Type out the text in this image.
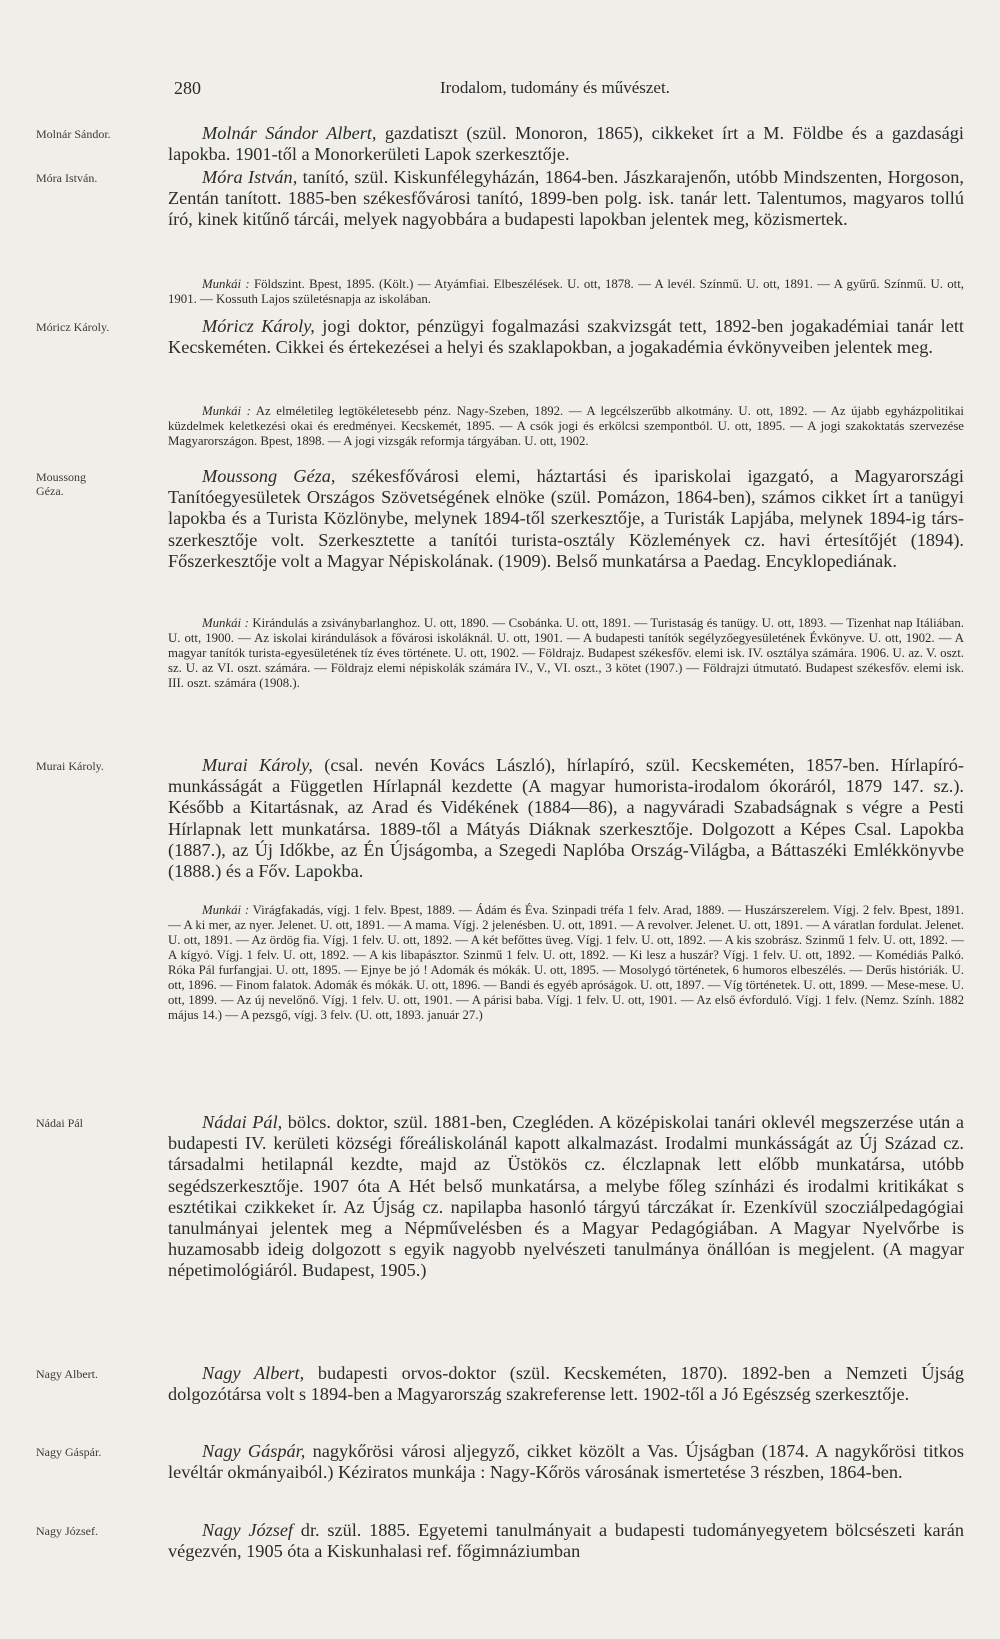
280	Irodalom, tudomány és művészet.
Molnár Sándor.	Molnár Sándor Albert, gazdatiszt (szül. Monoron, 1865), cikkeket írt a M. Földbe és a gazdasági lapokba. 1901-től a Monorkerületi Lapok szerkesztője.
Móra István.	Móra István, tanító, szül. Kiskunfélegyházán, 1864-ben. Jászkarajenőn, utóbb Mindszenten, Horgoson, Zentán tanított. 1885-ben székesfővárosi tanító, 1899-ben polg. isk. tanár lett. Talentumos, magyaros tollú író, kinek kitűnő tárcái, melyek nagyobbára a budapesti lapokban jelentek meg, közismertek.
Munkái : Földszint. Bpest, 1895. (Költ.) — Atyámfiai. Elbeszélések. U. ott, 1878. — A levél. Színmű. U. ott, 1891. — A gyűrű. Színmű. U. ott, 1901. — Kossuth Lajos születésnapja az iskolában.
Móricz Károly.	Móricz Károly, jogi doktor, pénzügyi fogalmazási szakvizsgát tett, 1892-ben jogakadémiai tanár lett Kecskeméten. Cikkei és értekezései a helyi és szaklapokban, a jogakadémia évkönyveiben jelentek meg.
Munkái : Az elméletileg legtökéletesebb pénz. Nagy-Szeben, 1892. — A legcélszerűbb alkotmány. U. ott, 1892. — Az újabb egyházpolitikai küzdelmek keletkezési okai és eredményei. Kecskemét, 1895. — A csók jogi és erkölcsi szempontból. U. ott, 1895. — A jogi szakoktatás szervezése Magyarországon. Bpest, 1898. — A jogi vizsgák reformja tárgyában. U. ott, 1902.
Moussong Géza.
Moussong Géza, székesfővárosi elemi, háztartási és ipariskolai igazgató, a Magyarországi Tanítóegyesületek Országos Szövetségének elnöke (szül. Pomázon, 1864-ben), számos cikket írt a tanügyi lapokba és a Turista Közlönybe, melynek 1894-től szerkesztője, a Turisták Lapjába, melynek 1894-ig társ-szerkesztője volt. Szerkesztette a tanítói turista-osztály Közlemények cz. havi értesítőjét (1894). Főszerkesztője volt a Magyar Népiskolának. (1909). Belső munkatársa a Paedag. Encyklopediának.
Munkái : Kirándulás a zsiványbarlanghoz. U. ott, 1890. — Csobánka. U. ott, 1891. — Turistaság és tanügy. U. ott, 1893. — Tizenhat nap Itáliában. U. ott, 1900. — Az iskolai kirándulások a fővárosi iskoláknál. U. ott, 1901. — A budapesti tanítók segélyzőegyesületének Évkönyve. U. ott, 1902. — A magyar tanítók turista-egyesületének tíz éves története. U. ott, 1902. — Földrajz. Budapest székesfőv. elemi isk. IV. osztálya számára. 1906. U. az. V. oszt. sz. U. az VI. oszt. számára. — Földrajz elemi népiskolák számára IV., V., VI. oszt., 3 kötet (1907.) — Földrajzi útmutató. Budapest székesfőv. elemi isk. III. oszt. számára (1908.).
Murai Károly.	Murai Károly, (csal. nevén Kovács László), hírlapíró, szül. Kecskeméten, 1857-ben. Hírlapíró-munkásságát a Független Hírlapnál kezdette (A magyar humorista-irodalom ókoráról, 1879 147. sz.). Később a Kitartásnak, az Arad és Vidékének (1884—86), a nagyváradi Szabadságnak s végre a Pesti Hírlapnak lett munkatársa. 1889-től a Mátyás Diáknak szerkesztője. Dolgozott a Képes Csal. Lapokba (1887.), az Új Időkbe, az Én Újságomba, a Szegedi Naplóba Ország-Világba, a Báttaszéki Emlékkönyvbe (1888.) és a Főv. Lapokba.
Munkái : Virágfakadás, vígj. 1 felv. Bpest, 1889. — Ádám és Éva. Szinpadi tréfa 1 felv. Arad, 1889. — Huszárszerelem. Vígj. 2 felv. Bpest, 1891. — A ki mer, az nyer. Jelenet. U. ott, 1891. — A mama. Vígj. 2 jelenésben. U. ott, 1891. — A revolver. Jelenet. U. ott, 1891. — A váratlan fordulat. Jelenet. U. ott, 1891. — Az ördög fia. Vígj. 1 felv. U. ott, 1892. — A két befőttes üveg. Vígj. 1 felv. U. ott, 1892. — A kis szobrász. Szinmű 1 felv. U. ott, 1892. — A kígyó. Vígj. 1 felv. U. ott, 1892. — A kis libapásztor. Szinmű 1 felv. U. ott, 1892. — Ki lesz a huszár? Vígj. 1 felv. U. ott, 1892. — Komédiás Palkó. Róka Pál furfangjai. U. ott, 1895. — Ejnye be jó ! Adomák és mókák. U. ott, 1895. — Mosolygó történetek, 6 humoros elbeszélés. — Derűs históriák. U. ott, 1896. — Finom falatok. Adomák és mókák. U. ott, 1896. — Bandi és egyéb apróságok. U. ott, 1897. — Víg történetek. U. ott, 1899. — Mese-mese. U. ott, 1899. — Az új nevelőnő. Vígj. 1 felv. U. ott, 1901. — A párisi baba. Vígj. 1 felv. U. ott, 1901. — Az első évforduló. Vígj. 1 felv. (Nemz. Szính. 1882 május 14.) — A pezsgő, vígj. 3 felv. (U. ott, 1893. január 27.)
Nádai Pál	Nádai Pál, bölcs. doktor, szül. 1881-ben, Czegléden. A középiskolai tanári oklevél megszerzése után a budapesti IV. kerületi községi főreáliskolánál kapott alkalmazást. Irodalmi munkásságát az Új Század cz. társadalmi hetilapnál kezdte, majd az Üstökös cz. élczlapnak lett előbb munkatársa, utóbb segédszerkesztője. 1907 óta A Hét belső munkatársa, a melybe főleg színházi és irodalmi kritikákat s esztétikai czikkeket ír. Az Újság cz. napilapba hasonló tárgyú tárczákat ír. Ezenkívül szocziálpedagógiai tanulmányai jelentek meg a Népművelésben és a Magyar Pedagógiában. A Magyar Nyelvőrbe is huzamosabb ideig dolgozott s egyik nagyobb nyelvészeti tanulmánya önállóan is megjelent. (A magyar népetimológiáról. Budapest, 1905.)
Nagy Albert.	Nagy Albert, budapesti orvos-doktor (szül. Kecskeméten, 1870). 1892-ben a Nemzeti Újság dolgozótársa volt s 1894-ben a Magyarország szakreferense lett. 1902-től a Jó Egészség szerkesztője.
Nagy Gáspár.	Nagy Gáspár, nagykőrösi városi aljegyző, cikket közölt a Vas. Újságban (1874. A nagykőrösi titkos levéltár okmányaiból.) Kéziratos munkája : Nagy-Kőrös városának ismertetése 3 részben, 1864-ben.
Nagy József.	Nagy József dr. szül. 1885. Egyetemi tanulmányait a budapesti tudományegyetem bölcsészeti karán végezvén, 1905 óta a Kiskunhalasi ref. főgimnáziumban
